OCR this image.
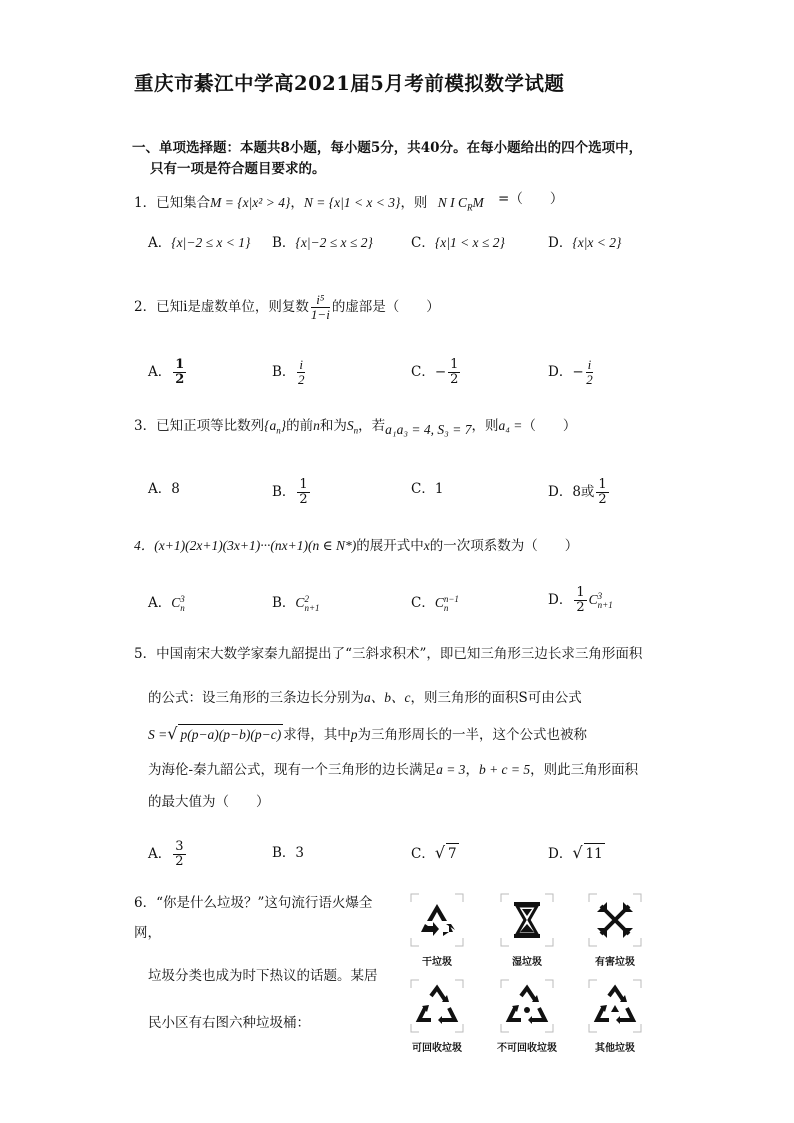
重庆市綦江中学高2021届5月考前模拟数学试题
一、单项选择题：本题共8小题，每小题5分，共40分。在每小题给出的四个选项中，
只有一项是符合题目要求的。
1．已知集合M = {x|x² > 4}，N = {x|1 < x < 3}，则 N I $C_RM$ =（　　）
A．{x|−2 ≤ x < 1} B．{x|−2 ≤ x ≤ 2}	C．{x|1 < x ≤ 2}	D．{x|x < 2}
2．已知i是虚数单位，则复数 $\frac{\text{i⁵}}{1-i}$ 的虚部是（　　）
A． $\frac{1}{2}$	B． $\frac{i}{2}$	C．− $\frac{1}{2}$	D．− $\frac{i}{2}$
3．已知正项等比数列$\{a_n\}$的前n和为$S_n$，若a₁a₃ = 4, S₃ = 7，则a₄ =（　　）
A．8	B． $\frac{1}{2}$	C．1	D．8或 $\frac{1}{2}$
4．(x+1)(2x+1)(3x+1)···(nx+1)(n ∈ N*)的展开式中x的一次项系数为（　　）
A．C 3
n	B．C 2
n+1	C．C n−1
n	D． $\frac{1}{2}$ C 3
n+1
5．中国南宋大数学家秦九韶提出了“三斜求积术”，即已知三角形三边长求三角形面积
的公式：设三角形的三条边长分别为a、b、c，则三角形的面积S可由公式
S =√ p(p−a)(p−b)(p−c) 求得，其中p为三角形周长的一半，这个公式也被称
为海伦-秦九韶公式，现有一个三角形的边长满足a = 3，b + c = 5，则此三角形面积
的最大值为（　　）
A． $\frac{3}{2}$	B．3	C．√ 7	D．√ 11
6．“你是什么垃圾？”这句流行语火爆全
网，
垃圾分类也成为时下热议的话题。某居
民小区有右图六种垃圾桶：
干垃圾	湿垃圾	有害垃圾
可回收垃圾	不可回收垃圾	其他垃圾
